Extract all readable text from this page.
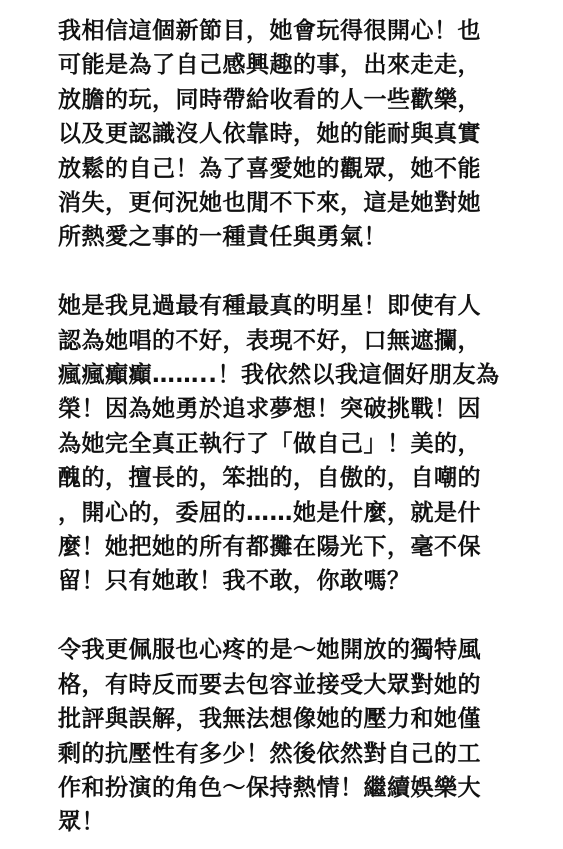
我相信這個新節目，她會玩得很開心！也
可能是為了自己感興趣的事，出來走走，
放膽的玩，同時帶給收看的人一些歡樂，
以及更認識沒人依靠時，她的能耐與真實
放鬆的自己！為了喜愛她的觀眾，她不能
消失，更何況她也閒不下來，這是她對她
所熱愛之事的一種責任與勇氣！

她是我見過最有種最真的明星！即使有人
認為她唱的不好，表現不好，口無遮攔，
瘋瘋癲癲……..！我依然以我這個好朋友為
榮！因為她勇於追求夢想！突破挑戰！因
為她完全真正執行了「做自己」！美的，
醜的，擅長的，笨拙的，自傲的，自嘲的
，開心的，委屈的……她是什麼，就是什
麼！她把她的所有都攤在陽光下，毫不保
留！只有她敢！我不敢，你敢嗎？

令我更佩服也心疼的是～她開放的獨特風
格，有時反而要去包容並接受大眾對她的
批評與誤解，我無法想像她的壓力和她僅
剩的抗壓性有多少！然後依然對自己的工
作和扮演的角色～保持熱情！繼續娛樂大
眾！
